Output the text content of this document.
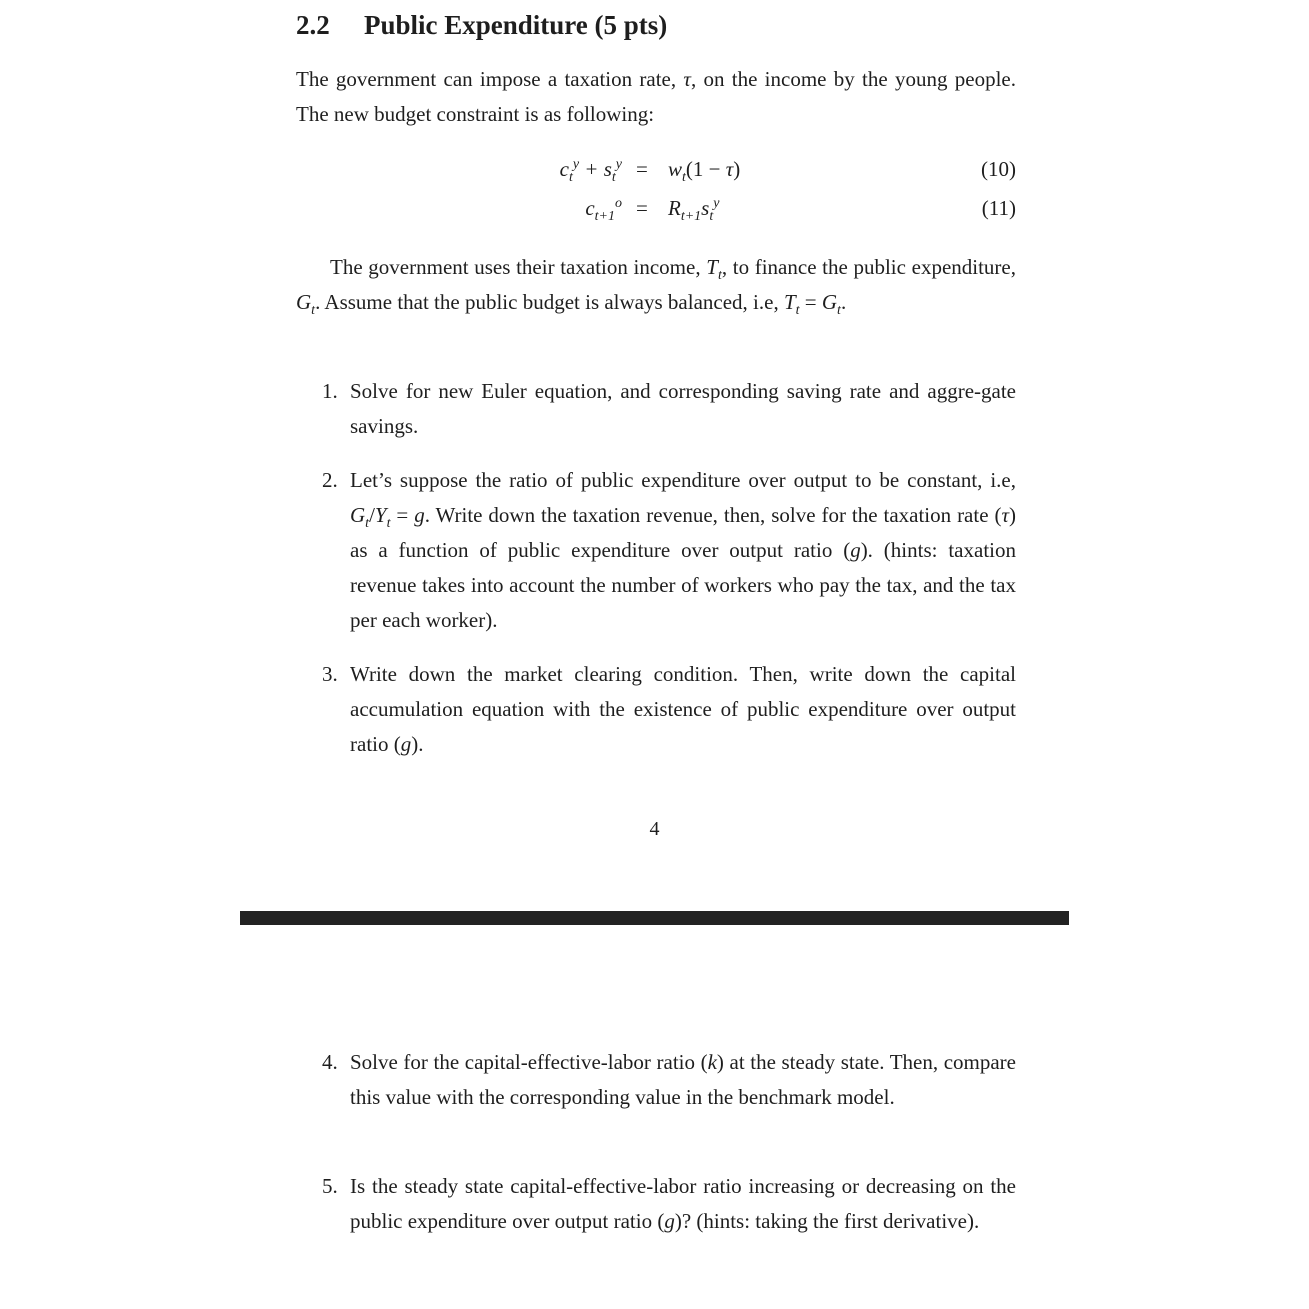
2.2 Public Expenditure (5 pts)

The government can impose a taxation rate, τ, on the income by the young people. The new budget constraint is as following:

$c_t^y + s_t^y = w_t(1 - \tau)$	(10)
$c_{t+1}^o = R_{t+1}s_t^y$	(11)

The government uses their taxation income, $T_t$, to finance the public expenditure, $G_t$. Assume that the public budget is always balanced, i.e, $T_t = G_t$.

1. Solve for new Euler equation, and corresponding saving rate and aggre-gate savings.
2. Let’s suppose the ratio of public expenditure over output to be constant, i.e, $G_t/Y_t = g$. Write down the taxation revenue, then, solve for the taxation rate (τ) as a function of public expenditure over output ratio (g). (hints: taxation revenue takes into account the number of workers who pay the tax, and the tax per each worker).
3. Write down the market clearing condition. Then, write down the capital accumulation equation with the existence of public expenditure over output ratio (g).
4
4. Solve for the capital-effective-labor ratio (k) at the steady state. Then, compare this value with the corresponding value in the benchmark model.
5. Is the steady state capital-effective-labor ratio increasing or decreasing on the public expenditure over output ratio (g)? (hints: taking the first derivative).
